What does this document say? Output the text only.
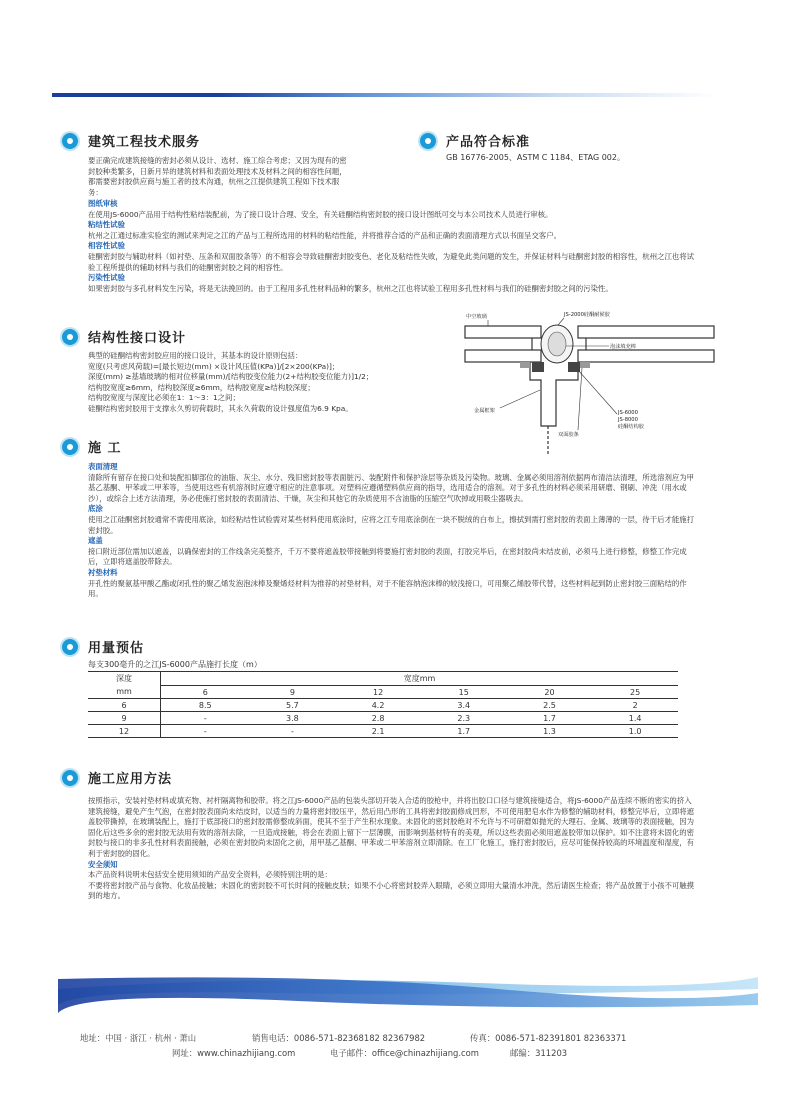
建筑工程技术服务
要正确完成建筑接缝的密封必须从设计、选材、施工综合考虑；又因为现有的密封胶种类繁多，日新月异的建筑材料和表面处理技术及材料之间的相容性问题，都需要密封胶供应商与施工者的技术沟通，杭州之江提供建筑工程如下技术服务：
图纸审核
在使用JS-6000产品用于结构性粘结装配前，为了接口设计合理、安全，有关硅酮结构密封胶的接口设计图纸可交与本公司技术人员进行审核。
粘结性试验
杭州之江通过标准实验室的测试来判定之江的产品与工程所选用的材料的粘结性能，并将推荐合适的产品和正确的表面清理方式以书面呈交客户。
相容性试验
硅酮密封胶与辅助材料（如衬垫、压条和双面胶条等）的不相容会导致硅酮密封胶变色、老化及粘结性失败，为避免此类问题的发生，并保证材料与硅酮密封胶的相容性，杭州之江也将试验工程所提供的辅助材料与我们的硅酮密封胶之间的相容性。
污染性试验
如果密封胶与多孔材料发生污染，将是无法挽回的。由于工程用多孔性材料品种的繁多，杭州之江也将试验工程用多孔性材料与我们的硅酮密封胶之间的污染性。
产品符合标准
GB 16776-2005、ASTM C 1184、ETAG 002。
结构性接口设计
典型的硅酮结构密封胶应用的接口设计，其基本的设计原则包括：
宽度(只考虑风荷载)=[最长短边(mm) ×设计风压值(KPa)]/[2×200(KPa)]；
深度(mm) ≥基墙玻璃的相对位移量(mm)/[结构胶变位能力(2+结构胶变位能力)]1/2；
结构胶宽度≥6mm，结构胶深度≥6mm，结构胶宽度≥结构胶深度；
结构胶宽度与深度比必须在1：1～3：1之间；
硅酮结构密封胶用于支撑永久剪切荷载时，其永久荷载的设计强度值为6.9 Kpa。
中空玻璃	JS-2000硅酮耐候胶
泡沫填充棒
金属框架
双面胶条
JS-6000
JS-8000
硅酮结构胶
施 工
表面清理
清除所有留存在接口处和装配扣脚部位的油脂、灰尘、水分、残旧密封胶等表面脏污、装配附件和保护涂层等杂质及污染物。玻璃、金属必须用溶剂依据两布清洁法清理，所选溶剂应为甲基乙基酮、甲苯或二甲苯等，当使用这些有机溶剂时应遵守相应的注意事项。对塑料应遵循塑料供应商的指导，选用适合的溶剂。对于多孔性的材料必须采用研磨、钢刷、冲洗（用水或沙），或综合上述方法清理，务必使施打密封胶的表面清洁、干燥，灰尘和其他它的杂质使用不含油脂的压缩空气吹掉或用吸尘器吸去。
底涂
使用之江硅酮密封胶通常不需使用底涂，如经粘结性试验需对某些材料使用底涂时，应将之江专用底涂倒在一块不脱绒的白布上，擦拭到需打密封胶的表面上薄薄的一层，待干后才能施打密封胶。
遮盖
接口附近部位需加以遮盖，以确保密封的工作线条完美整齐，千万不要将遮盖胶带接触到将要施打密封胶的表面，打胶完毕后，在密封胶尚未结皮前，必须马上进行修整，修整工作完成后，立即将遮盖胶带除去。
衬垫材料
开孔性的聚氨基甲酸乙酯或闭孔性的聚乙烯发泡泡沫棒及聚烯烃材料为推荐的衬垫材料，对于不能容纳泡沫棒的较浅接口，可用聚乙烯胶带代替，这些材料起到防止密封胶三面粘结的作用。
用量预估
每支300毫升的之江JS-6000产品施打长度（m）
深度	宽度mm					
mm	6	9	12	15	20	25
6	8.5	5.7	4.2	3.4	2.5	2
9	-	3.8	2.8	2.3	1.7	1.4
12	-	-	2.1	1.7	1.3	1.0
施工应用方法
按照指示，安装衬垫材料或填充物、衬杆隔离物和胶带。将之江JS-6000产品的包装头部切开装入合适的胶枪中，并将出胶口口径与建筑接缝适合，将JS-6000产品连续不断的密实的挤入建筑接缝，避免产生气泡，在密封胶表面尚未结皮时，以适当的力量将密封胶压平，然后用凸形的工具将密封胶面修成凹形，不可使用肥皂水作为修整的辅助材料，修整完毕后，立即将遮盖胶带撕掉，在玻璃装配上，施打于底部接口的密封胶需修整成斜面，使其不至于产生积水现象。未固化的密封胶绝对不允许与不可研磨如抛光的大理石、金属、玻璃等的表面接触，因为固化后这些多余的密封胶无法用有效的溶剂去除，一旦造成接触，将会在表面上留下一层薄膜，而影响到基材特有的美观，所以这些表面必须用遮盖胶带加以保护。如不注意将未固化的密封胶与接口的非多孔性材料表面接触，必须在密封胶尚未固化之前，用甲基乙基酮、甲苯或二甲苯溶剂立即清除。在工厂化施工，施打密封胶后，应尽可能保持较高的环境温度和湿度，有利于密封胶的固化。
安全须知
本产品资料说明未包括安全使用须知的产品安全资料，必须特别注明的是：
不要将密封胶产品与食物、化妆品接触；未固化的密封胶不可长时间的接触皮肤；如果不小心将密封胶弄入眼睛，必须立即用大量清水冲洗，然后请医生检查；将产品放置于小孩不可触摸到的地方。
地址：中国 · 浙江 · 杭州 · 萧山	销售电话：0086-571-82368182 82367982	传真：0086-571-82391801 82363371
网址：www.chinazhijiang.com	电子邮件：office@chinazhijiang.com	邮编：311203
